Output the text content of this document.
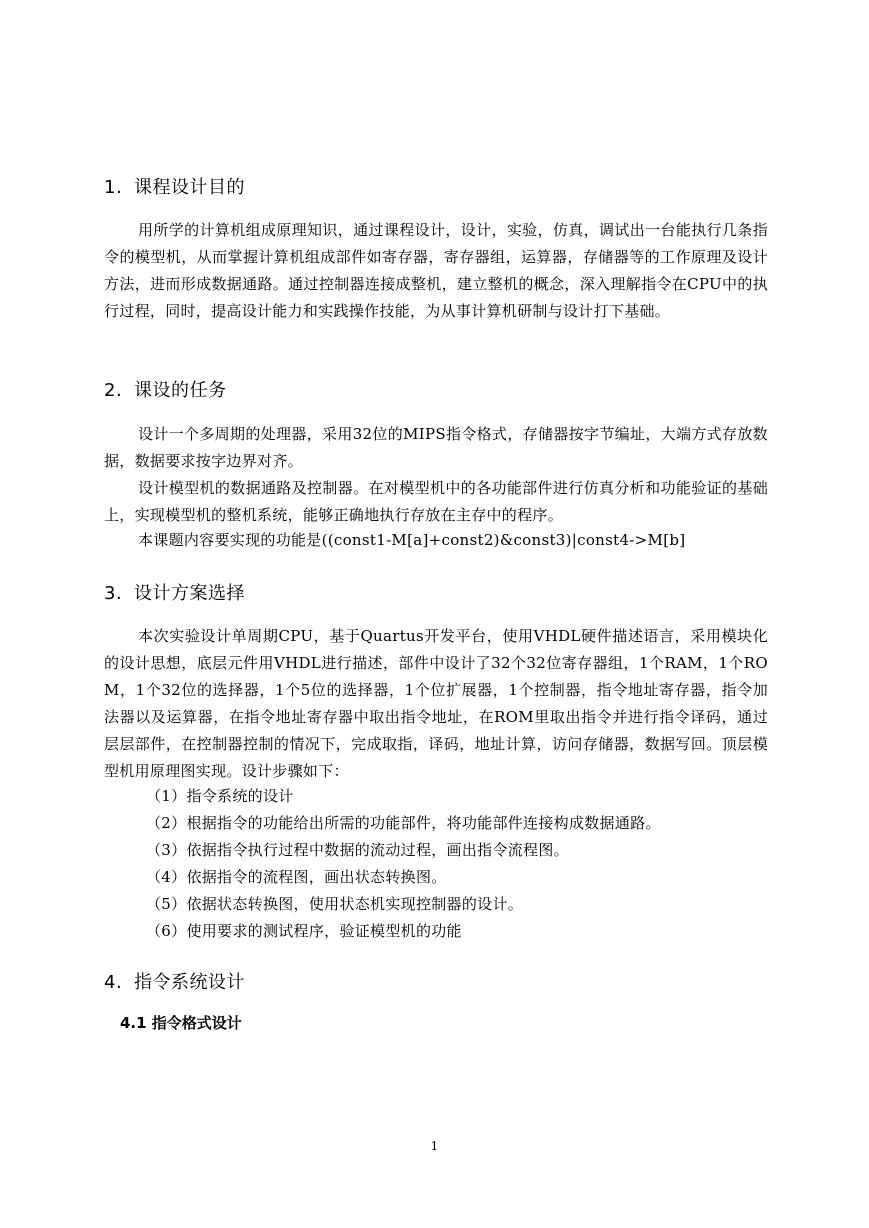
1. 课程设计目的
用所学的计算机组成原理知识，通过课程设计，设计，实验，仿真，调试出一台能执行几条指令的模型机，从而掌握计算机组成部件如寄存器，寄存器组，运算器，存储器等的工作原理及设计方法，进而形成数据通路。通过控制器连接成整机，建立整机的概念，深入理解指令在CPU中的执行过程，同时，提高设计能力和实践操作技能，为从事计算机研制与设计打下基础。
2. 课设的任务
设计一个多周期的处理器，采用32位的MIPS指令格式，存储器按字节编址，大端方式存放数据，数据要求按字边界对齐。
设计模型机的数据通路及控制器。在对模型机中的各功能部件进行仿真分析和功能验证的基础上，实现模型机的整机系统，能够正确地执行存放在主存中的程序。
本课题内容要实现的功能是((const1-M[a]+const2)&const3)|const4->M[b]
3. 设计方案选择
本次实验设计单周期CPU，基于Quartus开发平台，使用VHDL硬件描述语言，采用模块化的设计思想，底层元件用VHDL进行描述，部件中设计了32个32位寄存器组，1个RAM，1个ROM，1个32位的选择器，1个5位的选择器，1个位扩展器，1个控制器，指令地址寄存器，指令加法器以及运算器，在指令地址寄存器中取出指令地址，在ROM里取出指令并进行指令译码，通过层层部件，在控制器控制的情况下，完成取指，译码，地址计算，访问存储器，数据写回。顶层模型机用原理图实现。设计步骤如下：
（1）指令系统的设计
（2）根据指令的功能给出所需的功能部件，将功能部件连接构成数据通路。
（3）依据指令执行过程中数据的流动过程，画出指令流程图。
（4）依据指令的流程图，画出状态转换图。
（5）依据状态转换图，使用状态机实现控制器的设计。
（6）使用要求的测试程序，验证模型机的功能
4. 指令系统设计
4.1 指令格式设计
1
